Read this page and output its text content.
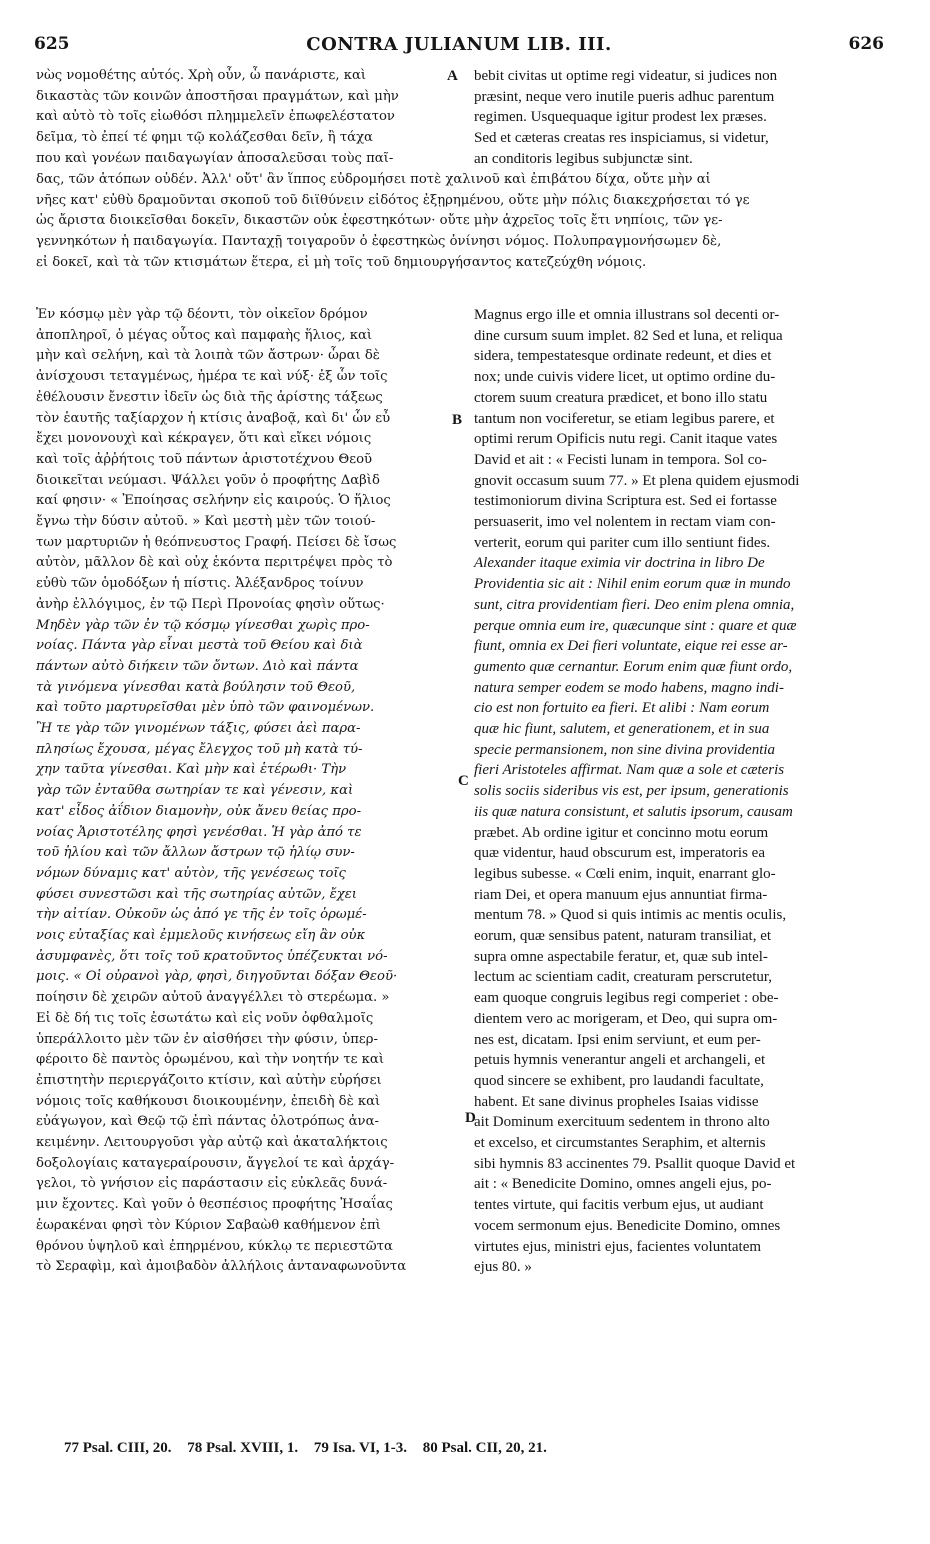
625	CONTRA JULIANUM LIB. III.	626
νὼς νομοθέτης αὐτός. Χρὴ οὖν, ὦ πανάριστε, καὶ
δικαστὰς τῶν κοινῶν ἀποστῆσαι πραγμάτων, καὶ μὴν
καὶ αὐτὸ τὸ τοῖς εἰωθόσι πλημμελεῖν ἐπωφελέστατον
δεῖμα, τὸ ἐπεί τέ φημι τῷ κολάζεσθαι δεῖν, ἢ τάχα
που καὶ γονέων παιδαγωγίαν ἀποσαλεῦσαι τοὺς παῖ-
Ἐν κόσμῳ μὲν γὰρ τῷ δέοντι, τὸν οἰκεῖον δρόμον
ἀποπληροῖ, ὁ μέγας οὗτος καὶ παμφαὴς ἥλιος, καὶ
μὴν καὶ σελήνη, καὶ τὰ λοιπὰ τῶν ἄστρων· ὧραι δὲ
ἀνίσχουσι τεταγμένως, ἡμέρα τε καὶ νύξ· ἐξ ὧν τοῖς
ἐθέλουσιν ἔνεστιν ἰδεῖν ὡς διὰ τῆς ἀρίστης τάξεως
τὸν ἑαυτῆς ταξίαρχον ἡ κτίσις ἀναβοᾷ, καὶ δι' ὧν εὖ
ἔχει μονονουχὶ καὶ κέκραγεν, ὅτι καὶ εἴκει νόμοις
καὶ τοῖς ἀῤῥήτοις τοῦ πάντων ἀριστοτέχνου Θεοῦ
διοικεῖται νεύμασι. Ψάλλει γοῦν ὁ προφήτης Δαβὶδ
καί φησιν· « Ἐποίησας σελήνην εἰς καιρούς. Ὁ ἥλιος
ἔγνω τὴν δύσιν αὐτοῦ. » Καὶ μεστὴ μὲν τῶν τοιού-
των μαρτυριῶν ἡ θεόπνευστος Γραφή. Πείσει δὲ ἴσως
αὐτὸν, μᾶλλον δὲ καὶ οὐχ ἑκόντα περιτρέψει πρὸς τὸ
εὐθὺ τῶν ὁμοδόξων ἡ πίστις. Ἀλέξανδρος τοίνυν
ἀνὴρ ἐλλόγιμος, ἐν τῷ Περὶ Προνοίας φησὶν οὕτως·
Μηδὲν γὰρ τῶν ἐν τῷ κόσμῳ γίνεσθαι χωρὶς προ-
νοίας. Πάντα γὰρ εἶναι μεστὰ τοῦ Θείου καὶ διὰ
πάντων αὐτὸ διήκειν τῶν ὄντων. Διὸ καὶ πάντα
τὰ γινόμενα γίνεσθαι κατὰ βούλησιν τοῦ Θεοῦ,
καὶ τοῦτο μαρτυρεῖσθαι μὲν ὑπὸ τῶν φαινομένων.
Ἢ τε γὰρ τῶν γινομένων τάξις, φύσει ἀεὶ παρα-
πλησίως ἔχουσα, μέγας ἔλεγχος τοῦ μὴ κατὰ τύ-
χην ταῦτα γίνεσθαι. Καὶ μὴν καὶ ἑτέρωθι· Τὴν
γὰρ τῶν ἐνταῦθα σωτηρίαν τε καὶ γένεσιν, καὶ
κατ' εἶδος ἀΐδιον διαμονὴν, οὐκ ἄνευ θείας προ-
νοίας Ἀριστοτέλης φησὶ γενέσθαι. Ἡ γὰρ ἀπό τε
τοῦ ἡλίου καὶ τῶν ἄλλων ἄστρων τῷ ἡλίῳ συν-
νόμων δύναμις κατ' αὐτὸν, τῆς γενέσεως τοῖς
φύσει συνεστῶσι καὶ τῆς σωτηρίας αὐτῶν, ἔχει
τὴν αἰτίαν. Οὐκοῦν ὡς ἀπό γε τῆς ἐν τοῖς ὁρωμέ-
νοις εὐταξίας καὶ ἐμμελοῦς κινήσεως εἴη ἂν οὐκ
ἀσυμφανὲς, ὅτι τοῖς τοῦ κρατοῦντος ὑπέζευκται νό-
μοις. « Οἱ οὐρανοὶ γὰρ, φησὶ, διηγοῦνται δόξαν Θεοῦ·
ποίησιν δὲ χειρῶν αὐτοῦ ἀναγγέλλει τὸ στερέωμα. »
Εἰ δὲ δή τις τοῖς ἐσωτάτω καὶ εἰς νοῦν ὀφθαλμοῖς
ὑπεράλλοιτο μὲν τῶν ἐν αἰσθήσει τὴν φύσιν, ὑπερ-
φέροιτο δὲ παντὸς ὁρωμένου, καὶ τὴν νοητήν τε καὶ
ἐπιστητὴν περιεργάζοιτο κτίσιν, καὶ αὐτὴν εὑρήσει
νόμοις τοῖς καθήκουσι διοικουμένην, ἐπειδὴ δὲ καὶ
εὐάγωγον, καὶ Θεῷ τῷ ἐπὶ πάντας ὁλοτρόπως ἀνα-
κειμένην. Λειτουργοῦσι γὰρ αὐτῷ καὶ ἀκαταλήκτοις
δοξολογίαις καταγεραίρουσιν, ἄγγελοί τε καὶ ἀρχάγ-
γελοι, τὸ γνήσιον εἰς παράστασιν εἰς εὐκλεᾶς δυνά-
μιν ἔχοντες. Καὶ γοῦν ὁ θεσπέσιος προφήτης Ἡσαΐας
ἑωρακέναι φησὶ τὸν Κύριον Σαβαὼθ καθήμενον ἐπὶ
θρόνου ὑψηλοῦ καὶ ἐπηρμένου, κύκλῳ τε περιεστῶτα
τὸ Σεραφὶμ, καὶ ἀμοιβαδὸν ἀλλήλοις ἀνταναφωνοῦντα
δας, τῶν ἀτόπων οὐδέν. Ἀλλ' οὔτ' ἂν ἵππος εὐδρομήσει ποτὲ χαλινοῦ καὶ ἐπιβάτου δίχα, οὔτε μὴν αἱ
νῆες κατ' εὐθὺ δραμοῦνται σκοποῦ τοῦ διϊθύνειν εἰδότος ἐξῃρημένου, οὔτε μὴν πόλις διακεχρήσεται τό γε
ὡς ἄριστα διοικεῖσθαι δοκεῖν, δικαστῶν οὐκ ἐφεστηκότων· οὔτε μὴν ἀχρεῖος τοῖς ἔτι νηπίοις, τῶν γε-
γεννηκότων ἡ παιδαγωγία. Πανταχῇ τοιγαροῦν ὁ ἐφεστηκὼς ὀνίνησι νόμος. Πολυπραγμονήσωμεν δὲ,
εἰ δοκεῖ, καὶ τὰ τῶν κτισμάτων ἕτερα, εἰ μὴ τοῖς τοῦ δημιουργήσαντος κατεζεύχθη νόμοις.
bebit civitas ut optime regi videatur, si judices non
præsint, neque vero inutile pueris adhuc parentum
regimen. Usquequaque igitur prodest lex præses.
Sed et cæteras creatas res inspiciamus, si videtur,
an conditoris legibus subjunctæ sint.
Magnus ergo ille et omnia illustrans sol decenti or-
dine cursum suum implet. 82 Sed et luna, et reliqua
sidera, tempestatesque ordinate redeunt, et dies et
nox; unde cuivis videre licet, ut optimo ordine du-
ctorem suum creatura prædicet, et bono illo statu
tantum non vociferetur, se etiam legibus parere, et
optimi rerum Opificis nutu regi. Canit itaque vates
David et ait : « Fecisti lunam in tempora. Sol co-
gnovit occasum suum 77. » Et plena quidem ejusmodi
testimoniorum divina Scriptura est. Sed ei fortasse
persuaserit, imo vel nolentem in rectam viam con-
verterit, eorum qui pariter cum illo sentiunt fides.
Alexander itaque eximia vir doctrina in libro De
Providentia sic ait : Nihil enim eorum quæ in mundo
sunt, citra providentiam fieri. Deo enim plena omnia,
perque omnia eum ire, quæcunque sint : quare et quæ
fiunt, omnia ex Dei fieri voluntate, eique rei esse ar-
gumento quæ cernantur. Eorum enim quæ fiunt ordo,
natura semper eodem se modo habens, magno indi-
cio est non fortuito ea fieri. Et alibi : Nam eorum
quæ hic fiunt, salutem, et generationem, et in sua
specie permansionem, non sine divina providentia
fieri Aristoteles affirmat. Nam quæ a sole et cæteris
solis sociis sideribus vis est, per ipsum, generationis
iis quæ natura consistunt, et salutis ipsorum, causam
præbet. Ab ordine igitur et concinno motu eorum
quæ videntur, haud obscurum est, imperatoris ea
legibus subesse. « Cœli enim, inquit, enarrant glo-
riam Dei, et opera manuum ejus annuntiat firma-
mentum 78. » Quod si quis intimis ac mentis oculis,
eorum, quæ sensibus patent, naturam transiliat, et
supra omne aspectabile feratur, et, quæ sub intel-
lectum ac scientiam cadit, creaturam perscrutetur,
eam quoque congruis legibus regi comperiet : obe-
dientem vero ac morigeram, et Deo, qui supra om-
nes est, dicatam. Ipsi enim serviunt, et eum per-
petuis hymnis venerantur angeli et archangeli, et
quod sincere se exhibent, pro laudandi facultate,
habent. Et sane divinus propheles Isaias vidisse
ait Dominum exercituum sedentem in throno alto
et excelso, et circumstantes Seraphim, et alternis
sibi hymnis 83 accinentes 79. Psallit quoque David et
ait : « Benedicite Domino, omnes angeli ejus, po-
tentes virtute, qui facitis verbum ejus, ut audiant
vocem sermonum ejus. Benedicite Domino, omnes
virtutes ejus, ministri ejus, facientes voluntatem
ejus 80. »
A
B
C
D
77 Psal. CIII, 20. 78 Psal. XVIII, 1. 79 Isa. VI, 1-3. 80 Psal. CII, 20, 21.
